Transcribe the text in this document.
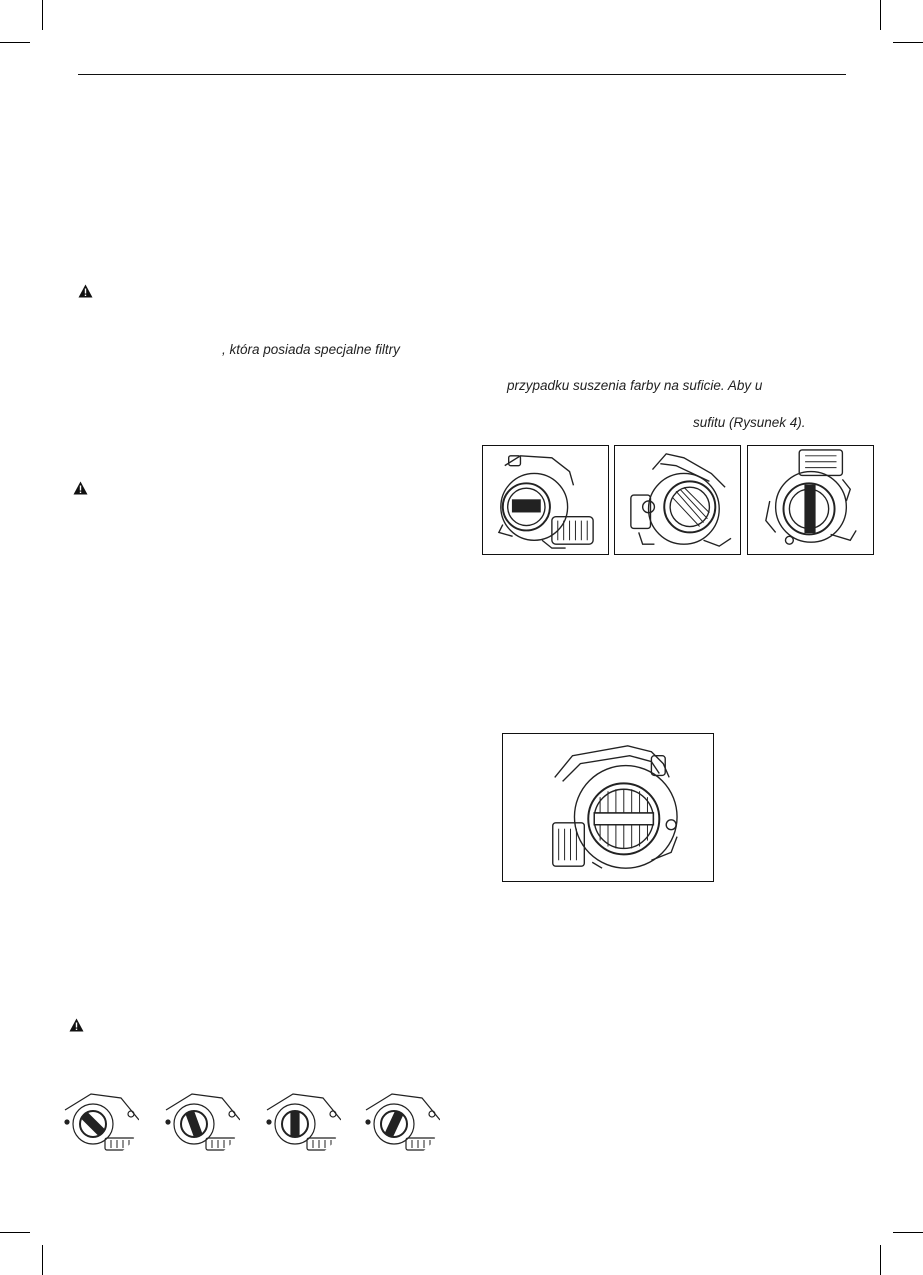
, która posiada specjalne filtry
przypadku suszenia farby na suficie. Aby u
sufitu (Rysunek 4).
